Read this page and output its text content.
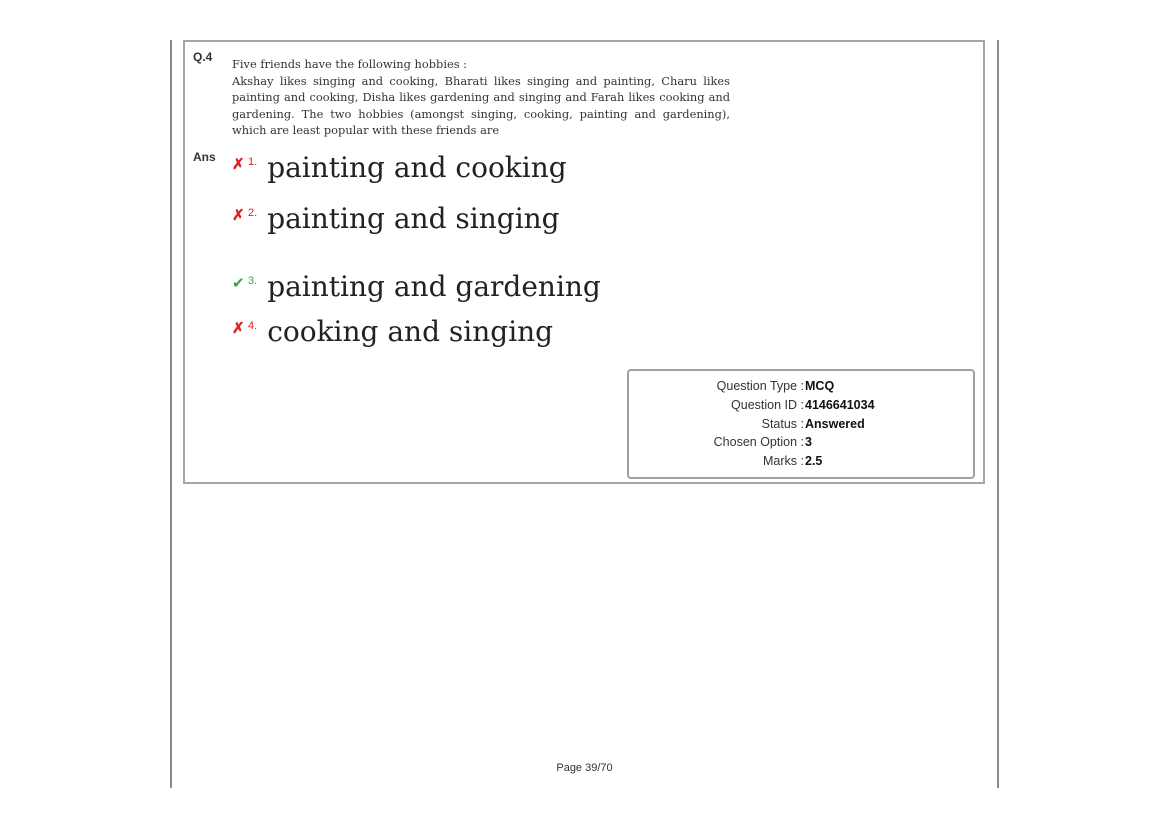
Q.4 Five friends have the following hobbies :
Akshay likes singing and cooking, Bharati likes singing and painting, Charu likes
painting and cooking, Disha likes gardening and singing and Farah likes cooking and
gardening. The two hobbies (amongst singing, cooking, painting and gardening),
which are least popular with these friends are
Ans ✗ 1. painting and cooking
✗ 2. painting and singing
✔ 3. painting and gardening
✗ 4. cooking and singing
Question Type : MCQ
Question ID : 4146641034
Status : Answered
Chosen Option : 3
Marks : 2.5
Page 39/70
